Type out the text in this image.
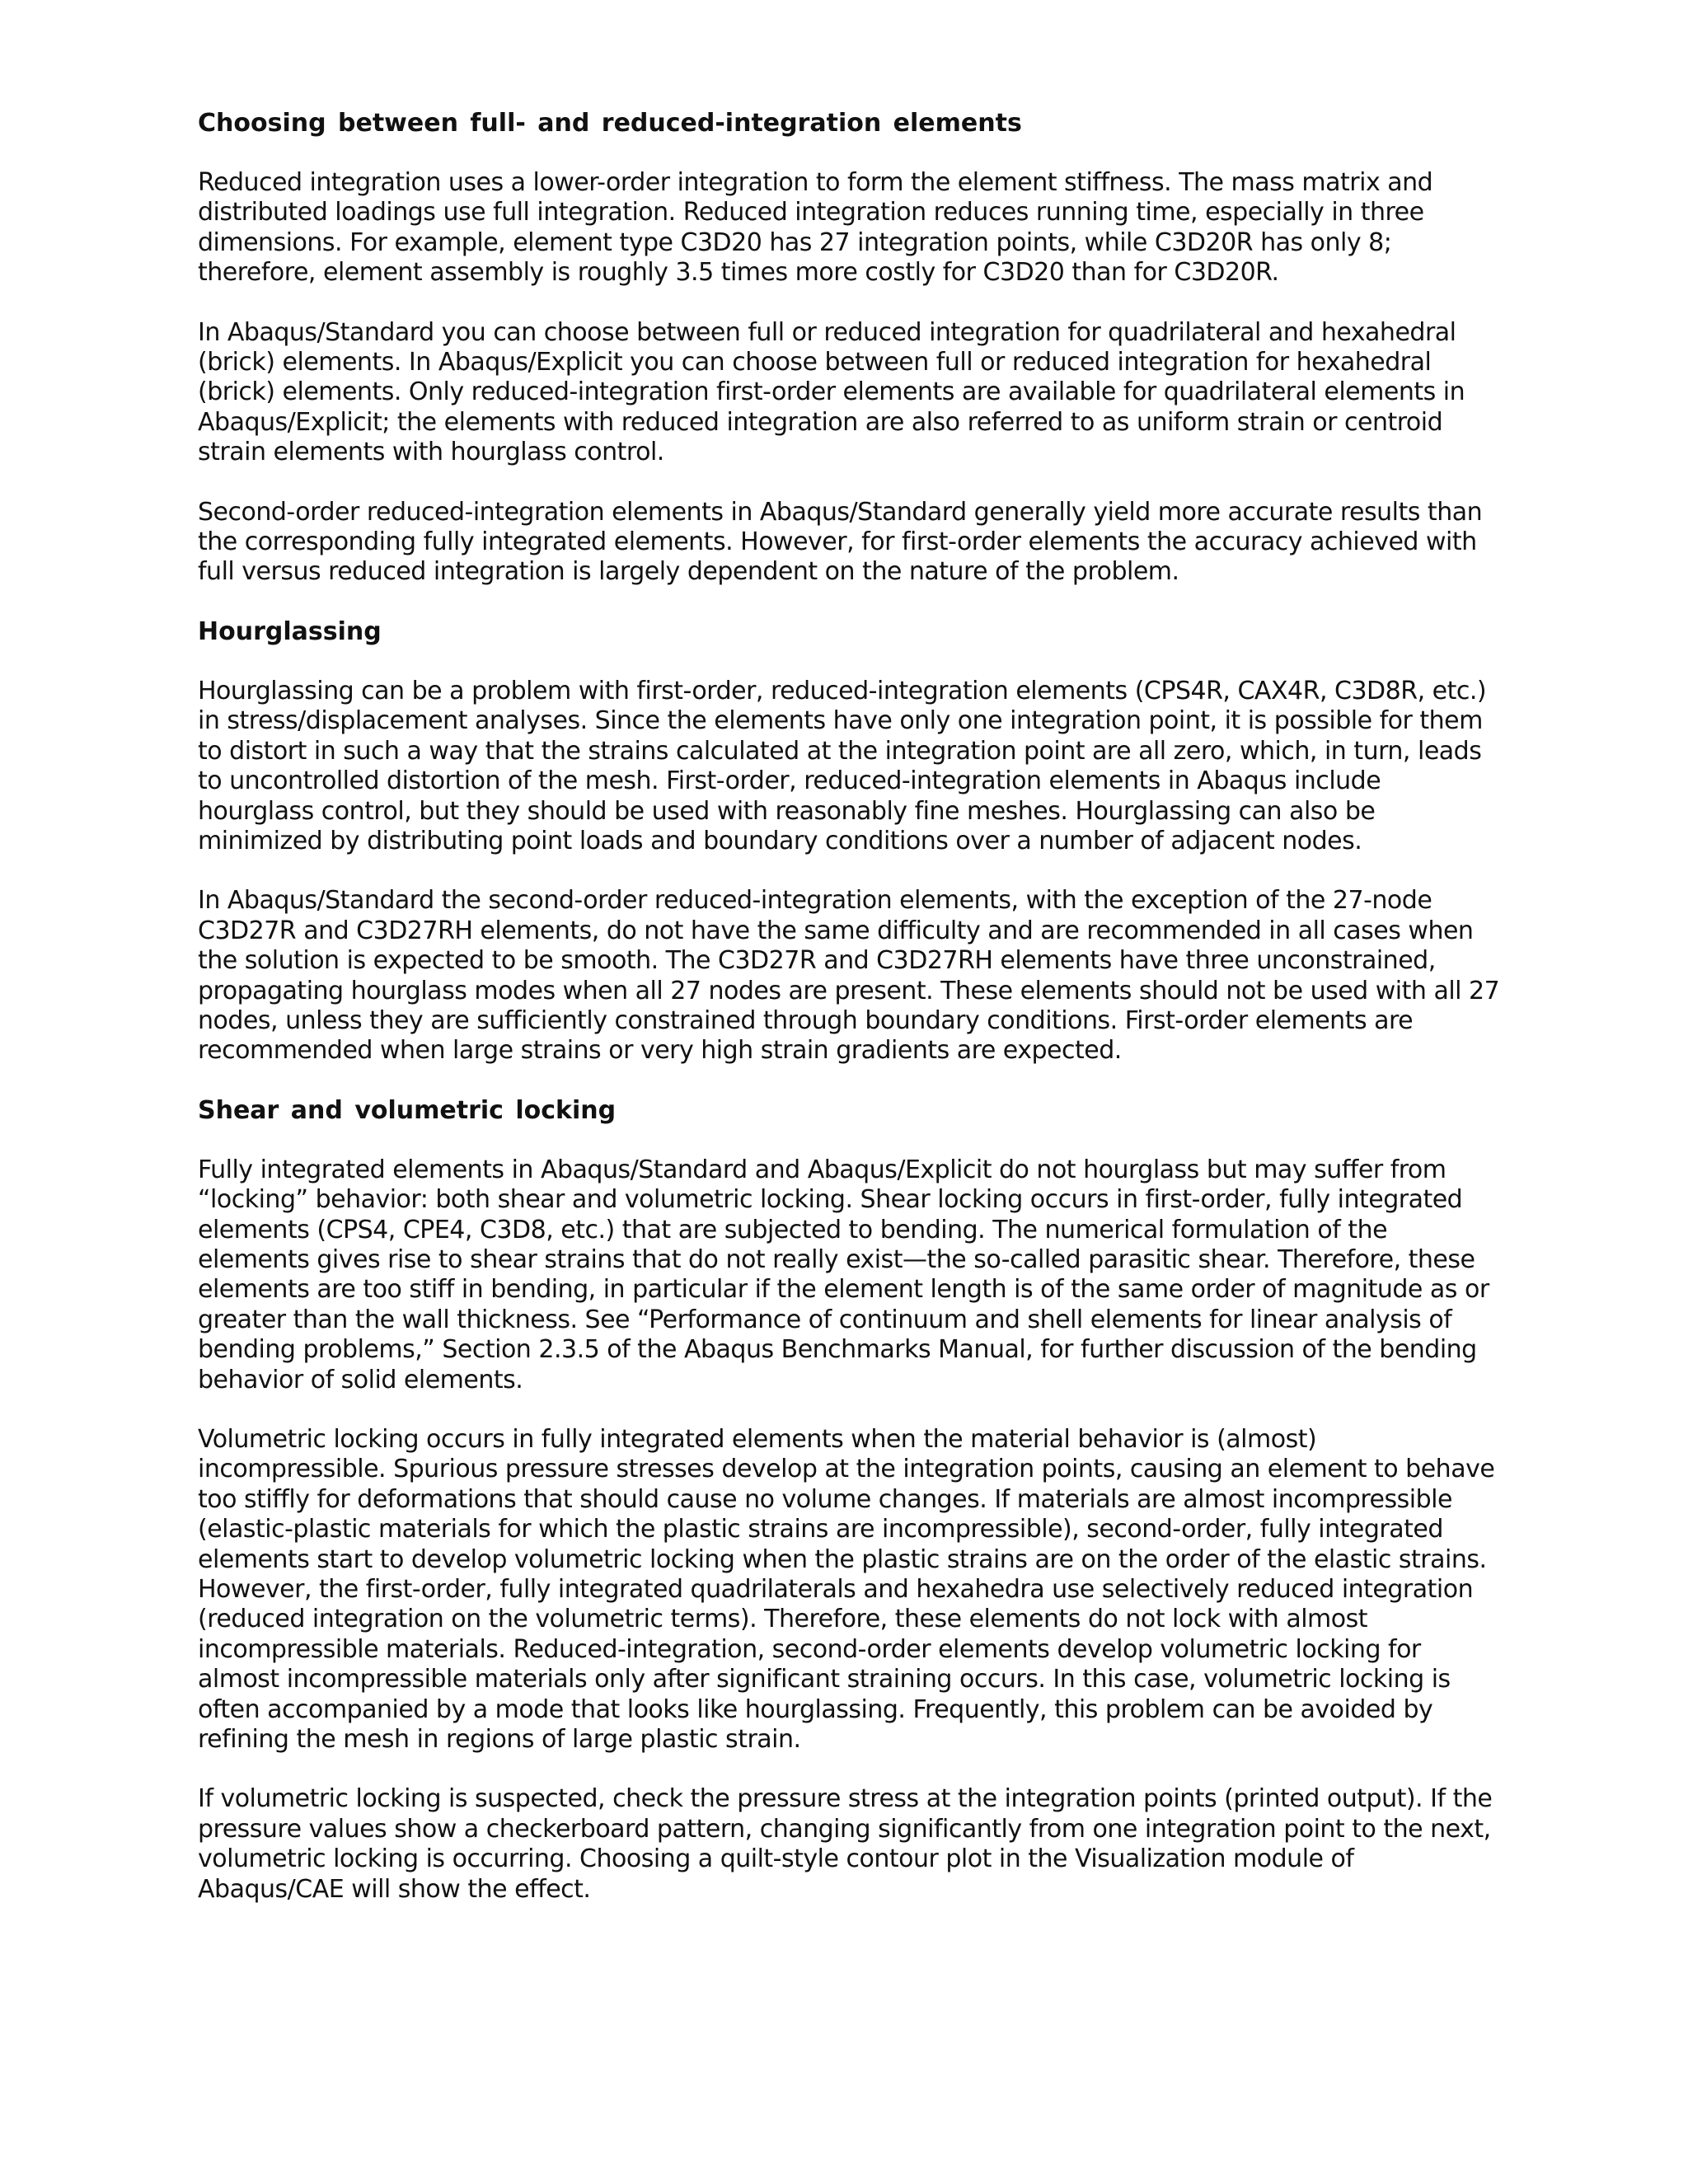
Choosing between full- and reduced-integration elements

Reduced integration uses a lower-order integration to form the element stiffness. The mass matrix and distributed loadings use full integration. Reduced integration reduces running time, especially in three dimensions. For example, element type C3D20 has 27 integration points, while C3D20R has only 8; therefore, element assembly is roughly 3.5 times more costly for C3D20 than for C3D20R.

In Abaqus/Standard you can choose between full or reduced integration for quadrilateral and hexahedral (brick) elements. In Abaqus/Explicit you can choose between full or reduced integration for hexahedral (brick) elements. Only reduced-integration first-order elements are available for quadrilateral elements in Abaqus/Explicit; the elements with reduced integration are also referred to as uniform strain or centroid strain elements with hourglass control.

Second-order reduced-integration elements in Abaqus/Standard generally yield more accurate results than the corresponding fully integrated elements. However, for first-order elements the accuracy achieved with full versus reduced integration is largely dependent on the nature of the problem.

Hourglassing

Hourglassing can be a problem with first-order, reduced-integration elements (CPS4R, CAX4R, C3D8R, etc.) in stress/displacement analyses. Since the elements have only one integration point, it is possible for them to distort in such a way that the strains calculated at the integration point are all zero, which, in turn, leads to uncontrolled distortion of the mesh. First-order, reduced-integration elements in Abaqus include hourglass control, but they should be used with reasonably fine meshes. Hourglassing can also be minimized by distributing point loads and boundary conditions over a number of adjacent nodes.

In Abaqus/Standard the second-order reduced-integration elements, with the exception of the 27-node C3D27R and C3D27RH elements, do not have the same difficulty and are recommended in all cases when the solution is expected to be smooth. The C3D27R and C3D27RH elements have three unconstrained, propagating hourglass modes when all 27 nodes are present. These elements should not be used with all 27 nodes, unless they are sufficiently constrained through boundary conditions. First-order elements are recommended when large strains or very high strain gradients are expected.

Shear and volumetric locking

Fully integrated elements in Abaqus/Standard and Abaqus/Explicit do not hourglass but may suffer from “locking” behavior: both shear and volumetric locking. Shear locking occurs in first-order, fully integrated elements (CPS4, CPE4, C3D8, etc.) that are subjected to bending. The numerical formulation of the elements gives rise to shear strains that do not really exist—the so-called parasitic shear. Therefore, these elements are too stiff in bending, in particular if the element length is of the same order of magnitude as or greater than the wall thickness. See “Performance of continuum and shell elements for linear analysis of bending problems,” Section 2.3.5 of the Abaqus Benchmarks Manual, for further discussion of the bending behavior of solid elements.

Volumetric locking occurs in fully integrated elements when the material behavior is (almost) incompressible. Spurious pressure stresses develop at the integration points, causing an element to behave too stiffly for deformations that should cause no volume changes. If materials are almost incompressible (elastic-plastic materials for which the plastic strains are incompressible), second-order, fully integrated elements start to develop volumetric locking when the plastic strains are on the order of the elastic strains. However, the first-order, fully integrated quadrilaterals and hexahedra use selectively reduced integration (reduced integration on the volumetric terms). Therefore, these elements do not lock with almost incompressible materials. Reduced-integration, second-order elements develop volumetric locking for almost incompressible materials only after significant straining occurs. In this case, volumetric locking is often accompanied by a mode that looks like hourglassing. Frequently, this problem can be avoided by refining the mesh in regions of large plastic strain.

If volumetric locking is suspected, check the pressure stress at the integration points (printed output). If the pressure values show a checkerboard pattern, changing significantly from one integration point to the next, volumetric locking is occurring. Choosing a quilt-style contour plot in the Visualization module of Abaqus/CAE will show the effect.
